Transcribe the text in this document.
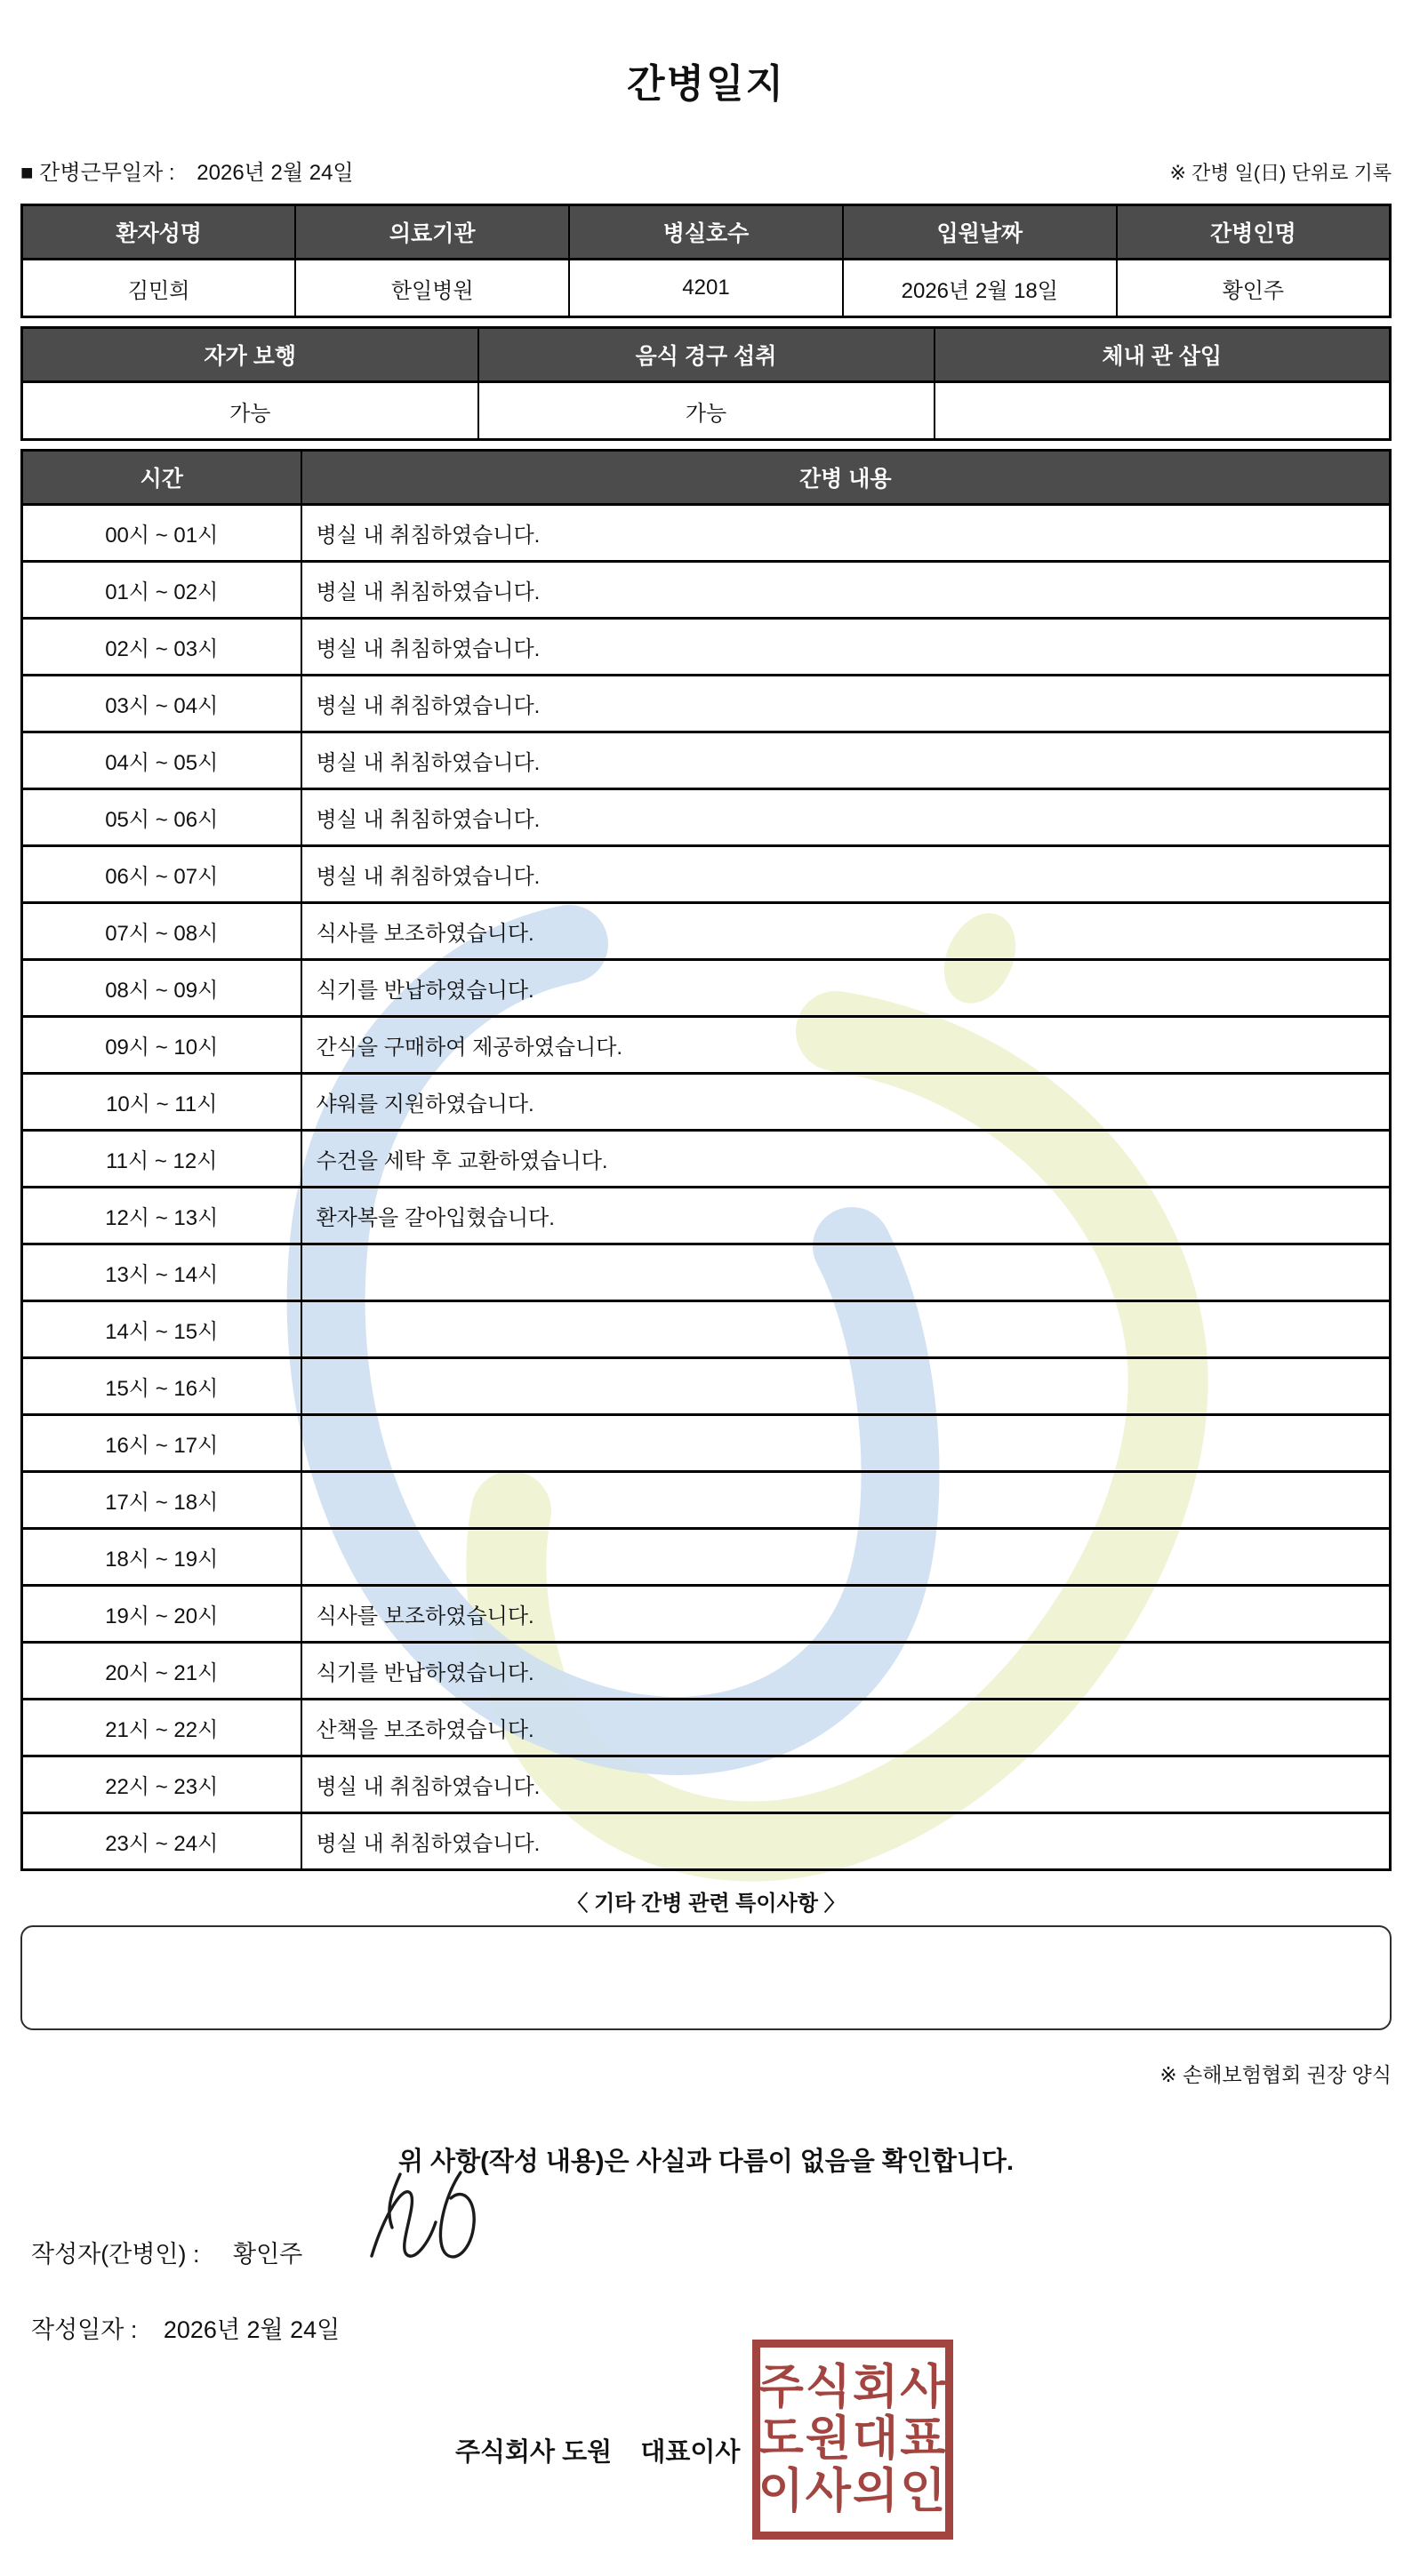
간병일지
■ 간병근무일자 : 2026년 2월 24일	※ 간병 일(日) 단위로 기록
환자성명	의료기관	병실호수	입원날짜	간병인명
김민희	한일병원	4201	2026년 2월 18일	황인주
자가 보행	음식 경구 섭취	체내 관 삽입
가능	가능	
시간	간병 내용
00시 ~ 01시	병실 내 취침하였습니다.
01시 ~ 02시	병실 내 취침하였습니다.
02시 ~ 03시	병실 내 취침하였습니다.
03시 ~ 04시	병실 내 취침하였습니다.
04시 ~ 05시	병실 내 취침하였습니다.
05시 ~ 06시	병실 내 취침하였습니다.
06시 ~ 07시	병실 내 취침하였습니다.
07시 ~ 08시	식사를 보조하였습니다.
08시 ~ 09시	식기를 반납하였습니다.
09시 ~ 10시	간식을 구매하여 제공하였습니다.
10시 ~ 11시	샤워를 지원하였습니다.
11시 ~ 12시	수건을 세탁 후 교환하였습니다.
12시 ~ 13시	환자복을 갈아입혔습니다.
13시 ~ 14시	
14시 ~ 15시	
15시 ~ 16시	
16시 ~ 17시	
17시 ~ 18시	
18시 ~ 19시	
19시 ~ 20시	식사를 보조하였습니다.
20시 ~ 21시	식기를 반납하였습니다.
21시 ~ 22시	산책을 보조하였습니다.
22시 ~ 23시	병실 내 취침하였습니다.
23시 ~ 24시	병실 내 취침하였습니다.
〈 기타 간병 관련 특이사항 〉
※ 손해보험협회 권장 양식
위 사항(작성 내용)은 사실과 다름이 없음을 확인합니다.
작성자(간병인) : 황인주
작성일자 : 2026년 2월 24일
주식회사 도원    대표이사
주식회사
도원대표
이사의인
